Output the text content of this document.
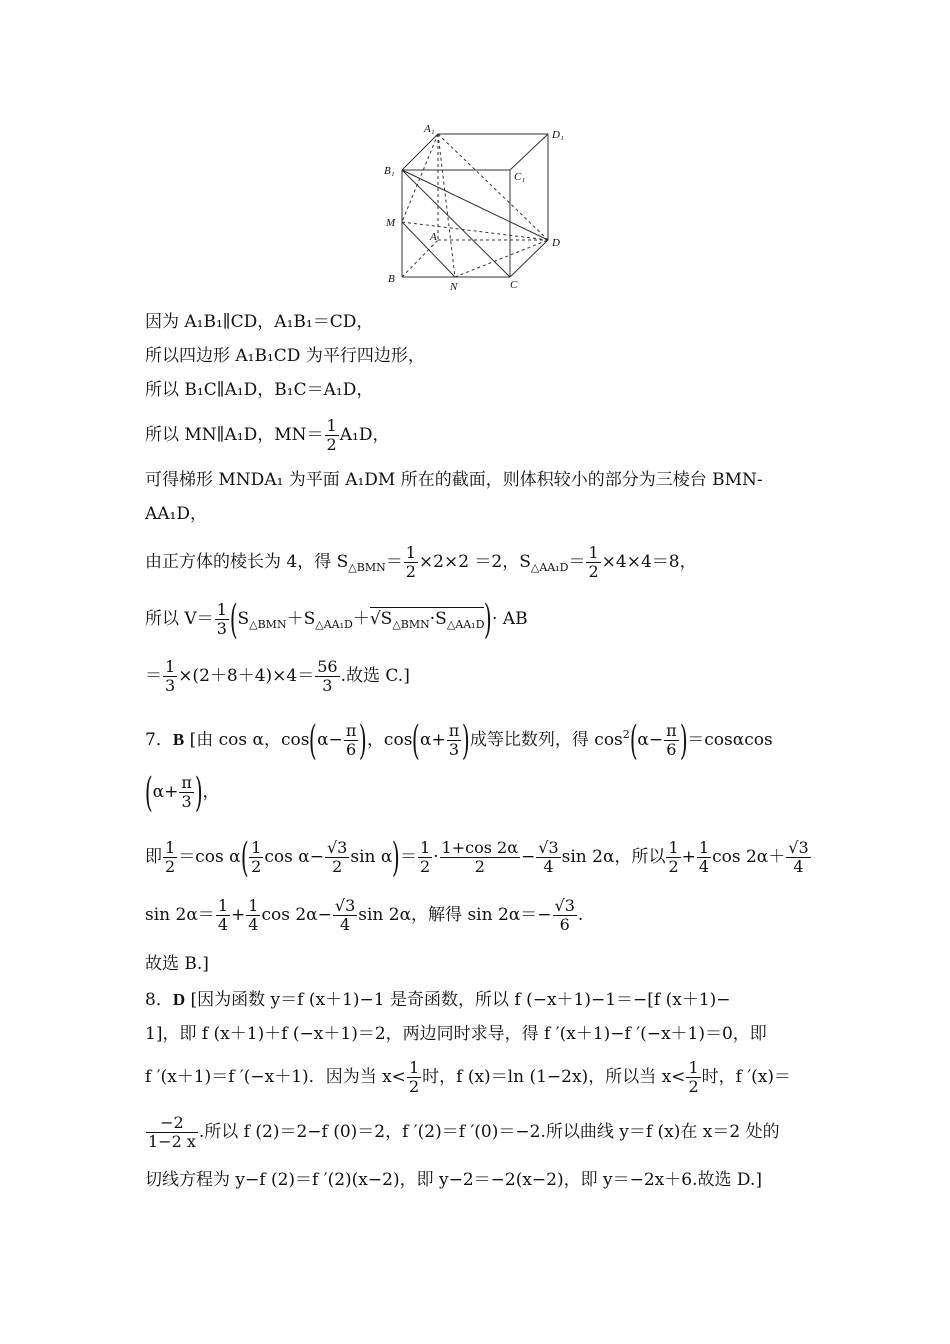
A₁	D₁
B₁	C₁
M
A	D
B
N	C
因为 A₁B₁∥CD，A₁B₁＝CD，
所以四边形 A₁B₁CD 为平行四边形，
所以 B₁C∥A₁D，B₁C＝A₁D，
所以 MN∥A₁D，$MN= \frac{1}{2} A_1D$，
可得梯形 MNDA₁ 为平面 A₁DM 所在的截面，则体积较小的部分为三棱台 BMN-
AA₁D，
由正方体的棱长为 4，得 $S_{\triangle BMN}= \frac{1}{2} \times 2\times 2 =2$，$S_{\triangle AA_1D}= \frac{1}{2} \times 4\times 4=8$，
所以 $V= \frac{1}{3} (S_{\triangle BMN}+S_{\triangle AA_1D}+√S_{\triangle BMN}\cdot S_{\triangle AA_1D})\cdot$ AB
＝ $\frac{1}{3} \times(2+8+4)\times 4= \frac{56}{3}$ .故选 C.]
7．B [由 cos α，$\cos(\alpha- \frac{\pi}{6}$ )，$\cos(\alpha+ \frac{\pi}{3}$ )成等比数列，得 $\cos^2(\alpha- \frac{\pi}{6} )=\cos\alpha\cos$
($\alpha+ \frac{\pi}{3}$ )，
即 $\frac{1}{2} =\cos$ $\alpha( \frac{1}{2}$ $\cos \alpha- \frac{√3}{2}$ $\sin \alpha)= \frac{1}{2} \cdot \frac{1+\cos 2\alpha}{2} - \frac{√3}{4}$ sin 2α，所以 $\frac{1}{2} + \frac{1}{4}$ $\cos 2\alpha+ \frac{√3}{4}$
$\sin 2\alpha= \frac{1}{4} + \frac{1}{4}$ $\cos 2\alpha- \frac{√3}{4}$ sin 2α，解得 $\sin 2\alpha=- \frac{√3}{6}$ .
故选 B.]
8．D [因为函数 y＝f (x＋1)−1 是奇函数，所以 f (−x＋1)−1＝−[f (x＋1)−
1]，即 f (x＋1)＋f (−x＋1)＝2，两边同时求导，得 f ′(x＋1)−f ′(−x＋1)＝0，即
f ′(x＋1)＝f ′(−x＋1)．因为当 $x< \frac{1}{2}$ 时，f (x)＝ln (1−2x)，所以当 $x< \frac{1}{2}$ 时，f ′(x)＝
$\frac{-2}{1-2 x}$ .所以 f (2)＝2−f (0)＝2，f ′(2)＝f ′(0)＝−2.所以曲线 y＝f (x)在 x＝2 处的
切线方程为 y−f (2)＝f ′(2)(x−2)，即 y−2＝−2(x−2)，即 y＝−2x＋6.故选 D.]
